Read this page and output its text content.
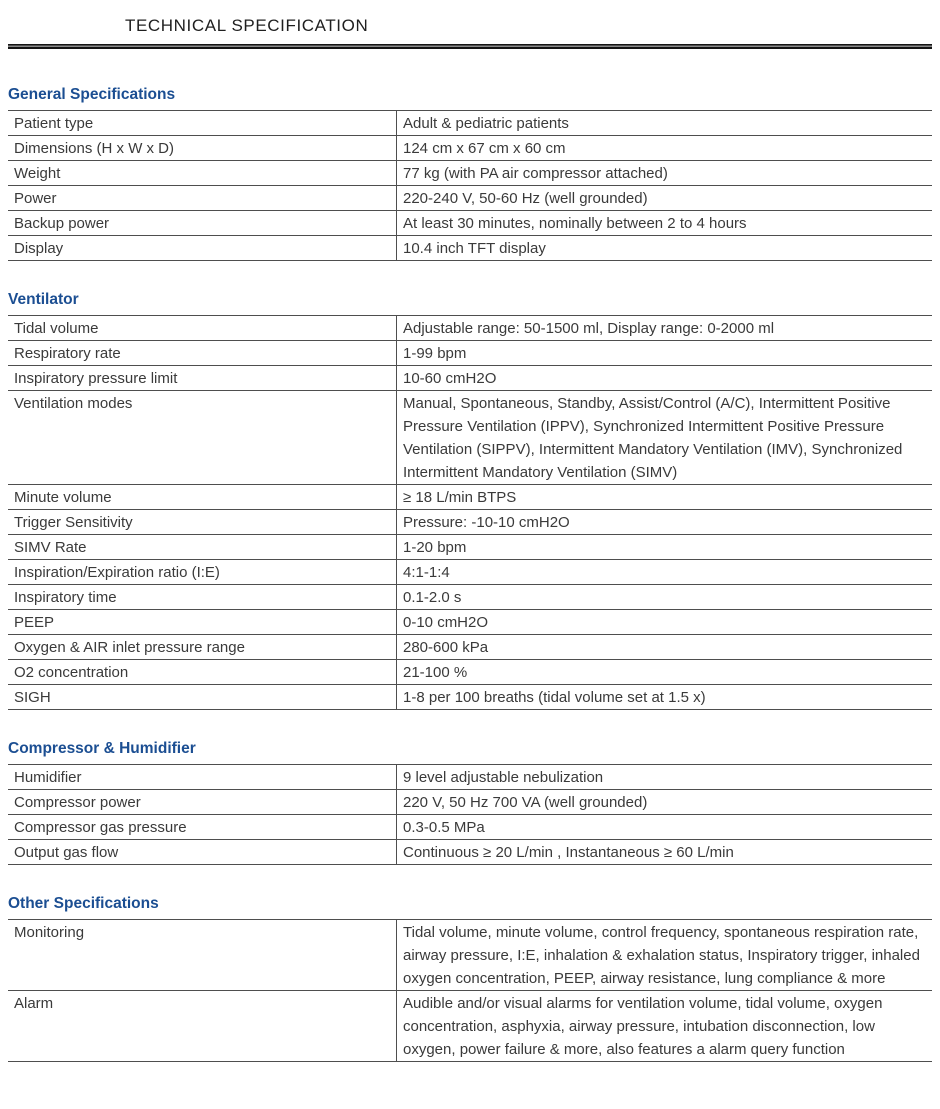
TECHNICAL SPECIFICATION
General Specifications
Patient type	Adult & pediatric patients
Dimensions (H x W x D)	124 cm x 67 cm x 60 cm
Weight	77 kg (with PA air compressor attached)
Power	220-240 V, 50-60 Hz (well grounded)
Backup power	At least 30 minutes, nominally between 2 to 4 hours
Display	10.4 inch TFT display
Ventilator
Tidal volume	Adjustable range: 50-1500 ml, Display range: 0-2000 ml
Respiratory rate	1-99 bpm
Inspiratory pressure limit	10-60 cmH2O
Ventilation modes	Manual, Spontaneous, Standby, Assist/Control (A/C), Intermittent Positive Pressure Ventilation (IPPV), Synchronized Intermittent Positive Pressure Ventilation (SIPPV), Intermittent Mandatory Ventilation (IMV), Synchronized Intermittent Mandatory Ventilation (SIMV)
Minute volume	≥ 18 L/min BTPS
Trigger Sensitivity	Pressure: -10-10 cmH2O
SIMV Rate	1-20 bpm
Inspiration/Expiration ratio (I:E)	4:1-1:4
Inspiratory time	0.1-2.0 s
PEEP	0-10 cmH2O
Oxygen & AIR inlet pressure range	280-600 kPa
O2 concentration	21-100 %
SIGH	1-8 per 100 breaths (tidal volume set at 1.5 x)
Compressor & Humidifier
Humidifier	9 level adjustable nebulization
Compressor power	220 V, 50 Hz 700 VA (well grounded)
Compressor gas pressure	0.3-0.5 MPa
Output gas flow	Continuous ≥ 20 L/min , Instantaneous ≥ 60 L/min
Other Specifications
Monitoring	Tidal volume, minute volume, control frequency, spontaneous respiration rate, airway pressure, I:E, inhalation & exhalation status, Inspiratory trigger, inhaled oxygen concentration, PEEP, airway resistance, lung compliance & more
Alarm	Audible and/or visual alarms for ventilation volume, tidal volume, oxygen concentration, asphyxia, airway pressure, intubation disconnection, low oxygen, power failure & more, also features a alarm query function
